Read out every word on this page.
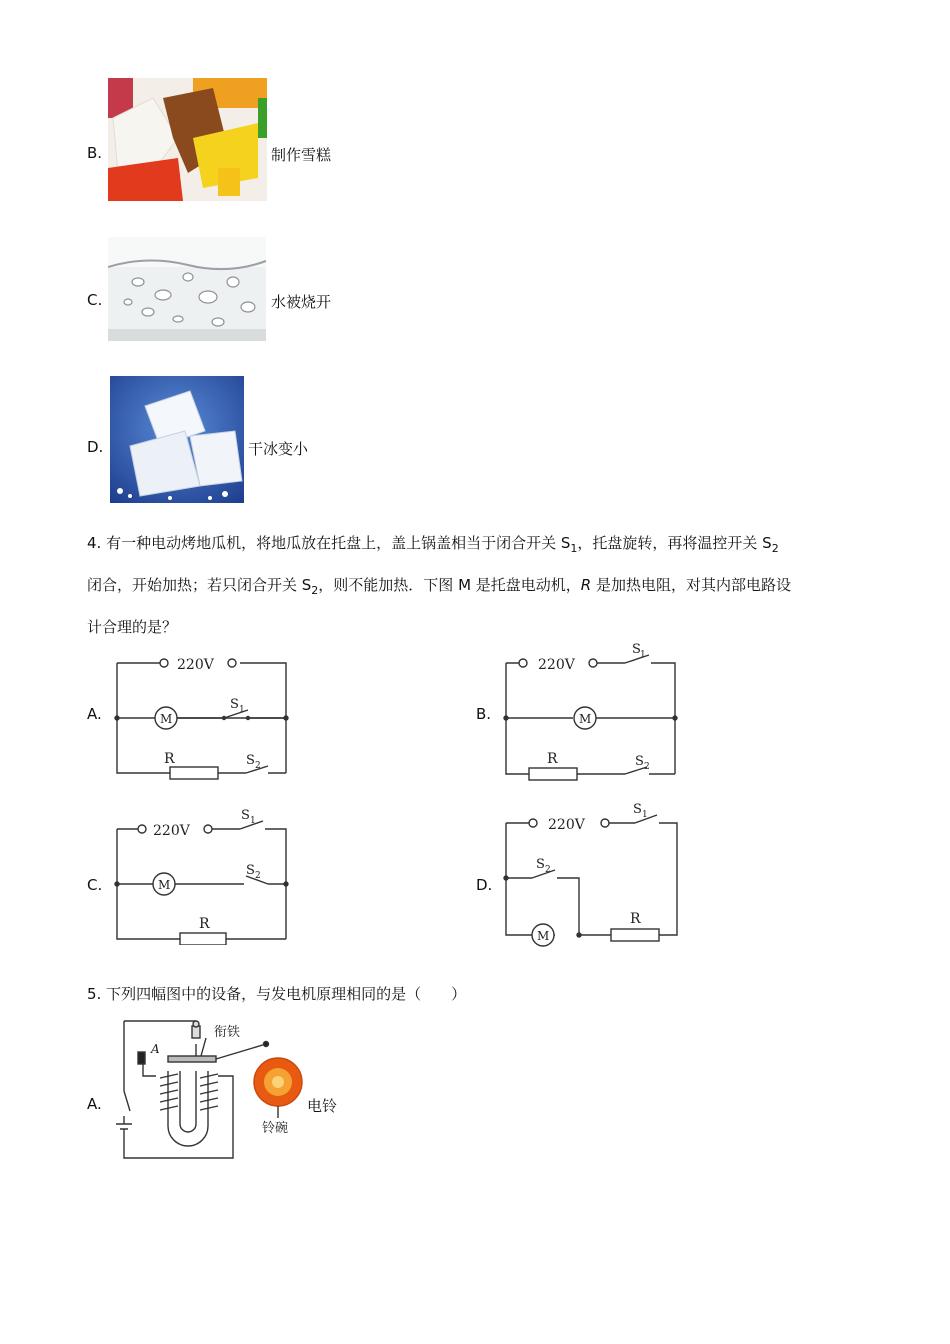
B.	制作雪糕
C.	水被烧开
D.	干冰变小
4. 有一种电动烤地瓜机，将地瓜放在托盘上，盖上锅盖相当于闭合开关 $S_1$，托盘旋转，再将温控开关 $S_2$
闭合，开始加热；若只闭合开关 $S_2$，则不能加热．下图 M 是托盘电动机，R 是加热电阻，对其内部电路设
计合理的是？
A.	B.
C.	D.
220V
M
S 1
R	S 2
220V
S 1
M
R	S 2
220V
S 1
M
S 2
R
220V
S 1
S 2
M
R
5. 下列四幅图中的设备，与发电机原理相同的是（　　）
A.
A
衔铁
铃碗
电铃
